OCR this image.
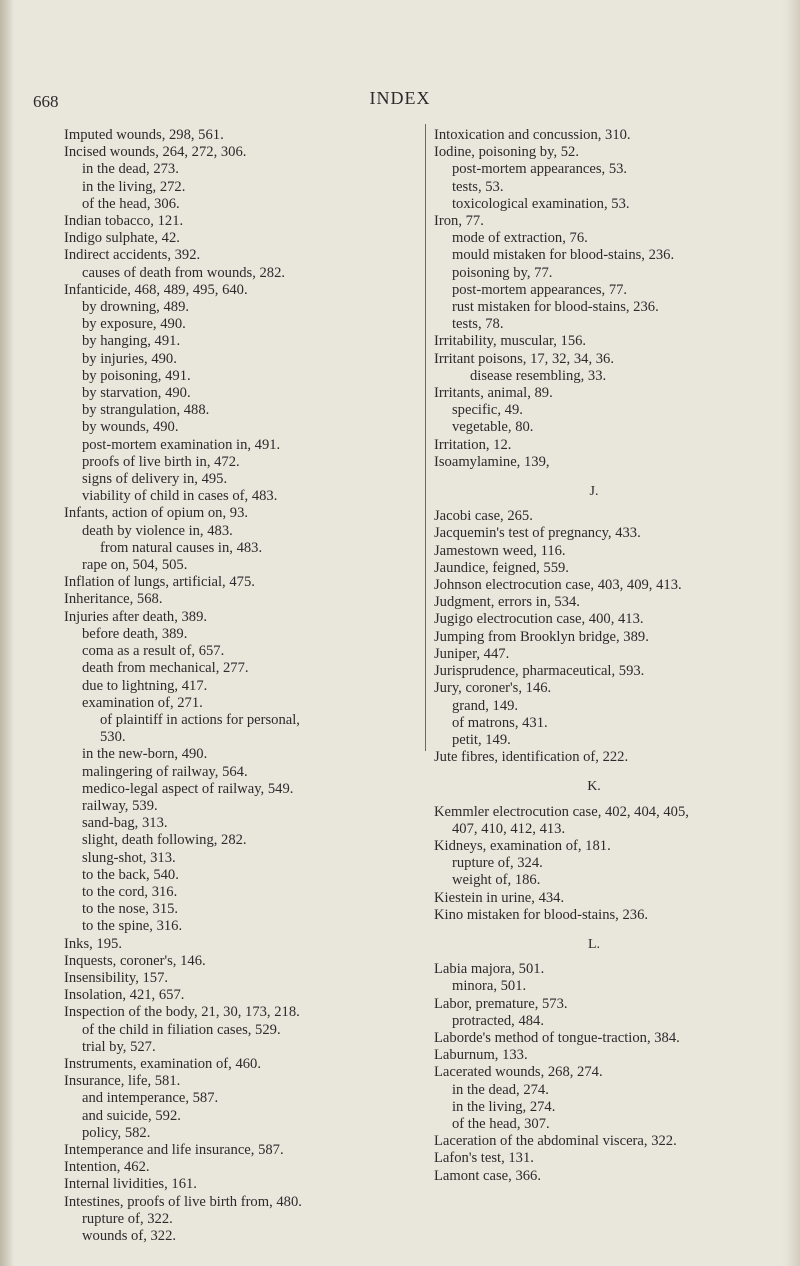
668	INDEX
Imputed wounds, 298, 561.
Incised wounds, 264, 272, 306.
in the dead, 273.
in the living, 272.
of the head, 306.
Indian tobacco, 121.
Indigo sulphate, 42.
Indirect accidents, 392.
causes of death from wounds, 282.
Infanticide, 468, 489, 495, 640.
by drowning, 489.
by exposure, 490.
by hanging, 491.
by injuries, 490.
by poisoning, 491.
by starvation, 490.
by strangulation, 488.
by wounds, 490.
post-mortem examination in, 491.
proofs of live birth in, 472.
signs of delivery in, 495.
viability of child in cases of, 483.
Infants, action of opium on, 93.
death by violence in, 483.
from natural causes in, 483.
rape on, 504, 505.
Inflation of lungs, artificial, 475.
Inheritance, 568.
Injuries after death, 389.
before death, 389.
coma as a result of, 657.
death from mechanical, 277.
due to lightning, 417.
examination of, 271.
of plaintiff in actions for personal,
530.
in the new-born, 490.
malingering of railway, 564.
medico-legal aspect of railway, 549.
railway, 539.
sand-bag, 313.
slight, death following, 282.
slung-shot, 313.
to the back, 540.
to the cord, 316.
to the nose, 315.
to the spine, 316.
Inks, 195.
Inquests, coroner's, 146.
Insensibility, 157.
Insolation, 421, 657.
Inspection of the body, 21, 30, 173, 218.
of the child in filiation cases, 529.
trial by, 527.
Instruments, examination of, 460.
Insurance, life, 581.
and intemperance, 587.
and suicide, 592.
policy, 582.
Intemperance and life insurance, 587.
Intention, 462.
Internal lividities, 161.
Intestines, proofs of live birth from, 480.
rupture of, 322.
wounds of, 322.
Intoxication and concussion, 310.
Iodine, poisoning by, 52.
post-mortem appearances, 53.
tests, 53.
toxicological examination, 53.
Iron, 77.
mode of extraction, 76.
mould mistaken for blood-stains, 236.
poisoning by, 77.
post-mortem appearances, 77.
rust mistaken for blood-stains, 236.
tests, 78.
Irritability, muscular, 156.
Irritant poisons, 17, 32, 34, 36.
disease resembling, 33.
Irritants, animal, 89.
specific, 49.
vegetable, 80.
Irritation, 12.
Isoamylamine, 139,
J.
Jacobi case, 265.
Jacquemin's test of pregnancy, 433.
Jamestown weed, 116.
Jaundice, feigned, 559.
Johnson electrocution case, 403, 409, 413.
Judgment, errors in, 534.
Jugigo electrocution case, 400, 413.
Jumping from Brooklyn bridge, 389.
Juniper, 447.
Jurisprudence, pharmaceutical, 593.
Jury, coroner's, 146.
grand, 149.
of matrons, 431.
petit, 149.
Jute fibres, identification of, 222.
K.
Kemmler electrocution case, 402, 404, 405,
407, 410, 412, 413.
Kidneys, examination of, 181.
rupture of, 324.
weight of, 186.
Kiestein in urine, 434.
Kino mistaken for blood-stains, 236.
L.
Labia majora, 501.
minora, 501.
Labor, premature, 573.
protracted, 484.
Laborde's method of tongue-traction, 384.
Laburnum, 133.
Lacerated wounds, 268, 274.
in the dead, 274.
in the living, 274.
of the head, 307.
Laceration of the abdominal viscera, 322.
Lafon's test, 131.
Lamont case, 366.
